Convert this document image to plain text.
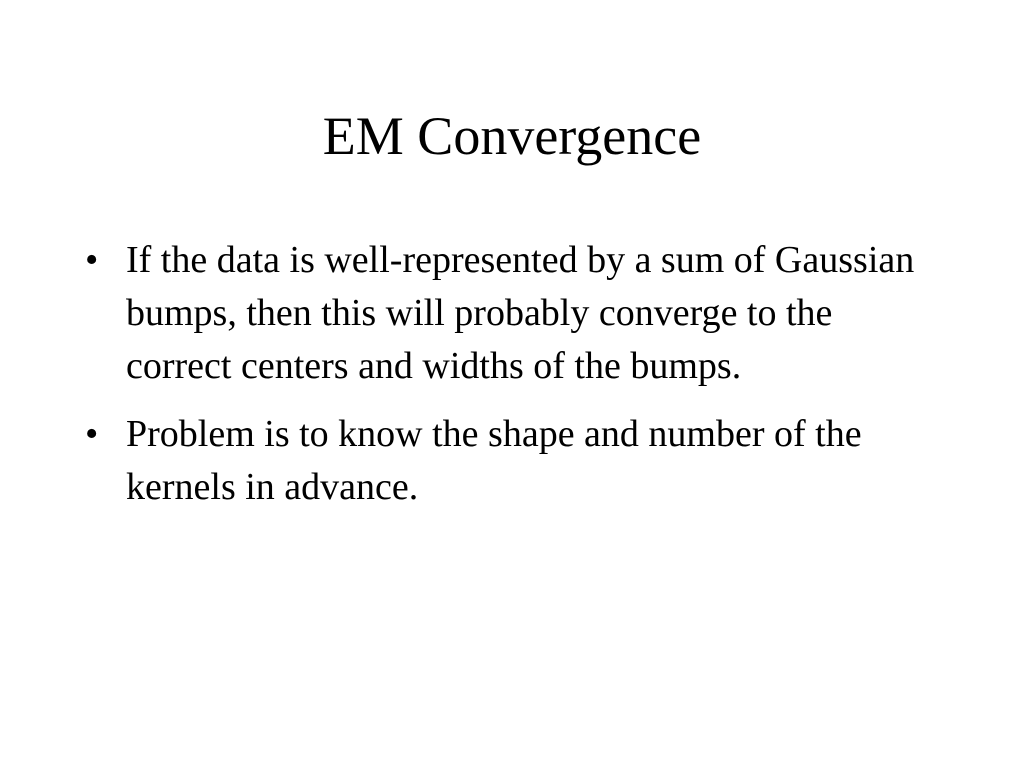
EM Convergence
• If the data is well-represented by a sum of Gaussian bumps, then this will probably converge to the correct centers and widths of the bumps.
• Problem is to know the shape and number of the kernels in advance.
